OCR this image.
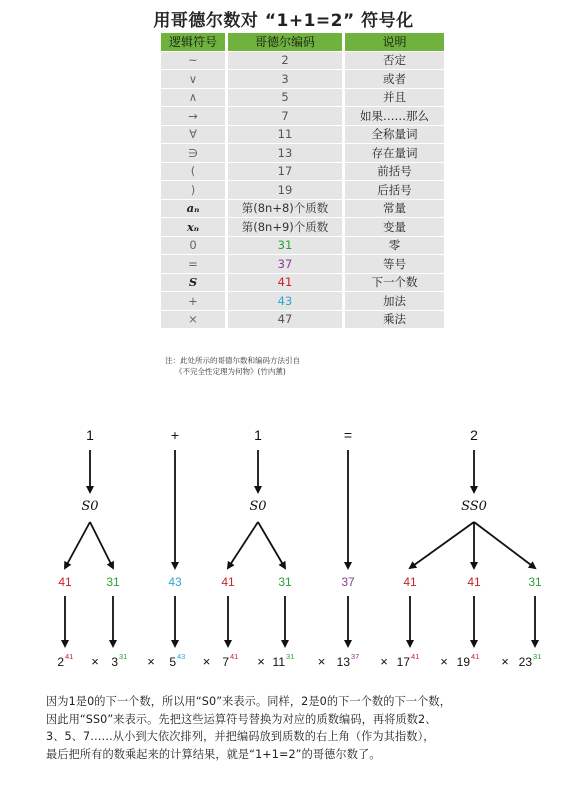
用哥德尔数对 “1+1=2” 符号化
逻辑符号	哥德尔编码	说明
~	2	否定
∨	3	或者
∧	5	并且
→	7	如果……那么
∀	11	全称量词
∋	13	存在量词
(	17	前括号
)	19	后括号
aₙ	第(8n+8)个质数	常量
xₙ	第(8n+9)个质数	变量
0	31	零
=	37	等号
S	41	下一个数
+	43	加法
×	47	乘法
注：此处所示的哥德尔数和编码方法引自
《不完全性定理为何物》(竹内薰)
1	+	1	=	2
S0	S0	SS0
41	31	43	41	31	37	41	41	31
2 41 × 3 31 × 5 43 × 7 41 × 11 31 × 13 37 × 17 41 × 19 41 × 23 31
因为1是0的下一个数，所以用“S0”来表示。同样，2是0的下一个数的下一个数，
因此用“SS0”来表示。先把这些运算符号替换为对应的质数编码，再将质数2、
3、5、7……从小到大依次排列，并把编码放到质数的右上角（作为其指数），
最后把所有的数乘起来的计算结果，就是“1+1=2”的哥德尔数了。
